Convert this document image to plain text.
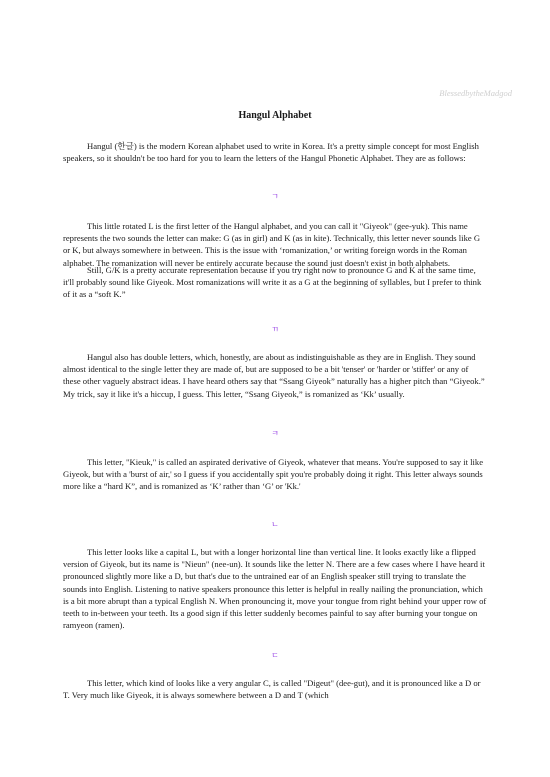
BlessedbytheMadgod
Hangul Alphabet

Hangul (한글) is the modern Korean alphabet used to write in Korea. It's a pretty simple concept for most English speakers, so it shouldn't be too hard for you to learn the letters of the Hangul Phonetic Alphabet. They are as follows:

ㄱ

This little rotated L is the first letter of the Hangul alphabet, and you can call it "Giyeok" (gee-yuk). This name represents the two sounds the letter can make: G (as in girl) and K (as in kite). Technically, this letter never sounds like G or K, but always somewhere in between. This is the issue with ‘romanization,’ or writing foreign words in the Roman alphabet. The romanization will never be entirely accurate because the sound just doesn't exist in both alphabets.

Still, G/K is a pretty accurate representation because if you try right now to pronounce G and K at the same time, it'll probably sound like Giyeok. Most romanizations will write it as a G at the beginning of syllables, but I prefer to think of it as a “soft K.”

ㄲ

Hangul also has double letters, which, honestly, are about as indistinguishable as they are in English. They sound almost identical to the single letter they are made of, but are supposed to be a bit 'tenser' or 'harder or 'stiffer' or any of these other vaguely abstract ideas. I have heard others say that “Ssang Giyeok” naturally has a higher pitch than “Giyeok.” My trick, say it like it's a hiccup, I guess. This letter, “Ssang Giyeok,” is romanized as ‘Kk’ usually.

ㅋ

This letter, "Kieuk," is called an aspirated derivative of Giyeok, whatever that means. You're supposed to say it like Giyeok, but with a 'burst of air,' so I guess if you accidentally spit you're probably doing it right. This letter always sounds more like a “hard K”, and is romanized as ‘K’ rather than ‘G’ or 'Kk.'

ㄴ

This letter looks like a capital L, but with a longer horizontal line than vertical line. It looks exactly like a flipped version of Giyeok, but its name is "Nieun" (nee-un). It sounds like the letter N. There are a few cases where I have heard it pronounced slightly more like a D, but that's due to the untrained ear of an English speaker still trying to translate the sounds into English. Listening to native speakers pronounce this letter is helpful in really nailing the pronunciation, which is a bit more abrupt than a typical English N. When pronouncing it, move your tongue from right behind your upper row of teeth to in-between your teeth. Its a good sign if this letter suddenly becomes painful to say after burning your tongue on ramyeon (ramen).

ㄷ

This letter, which kind of looks like a very angular C, is called "Digeut" (dee-gut), and it is pronounced like a D or T. Very much like Giyeok, it is always somewhere between a D and T (which
